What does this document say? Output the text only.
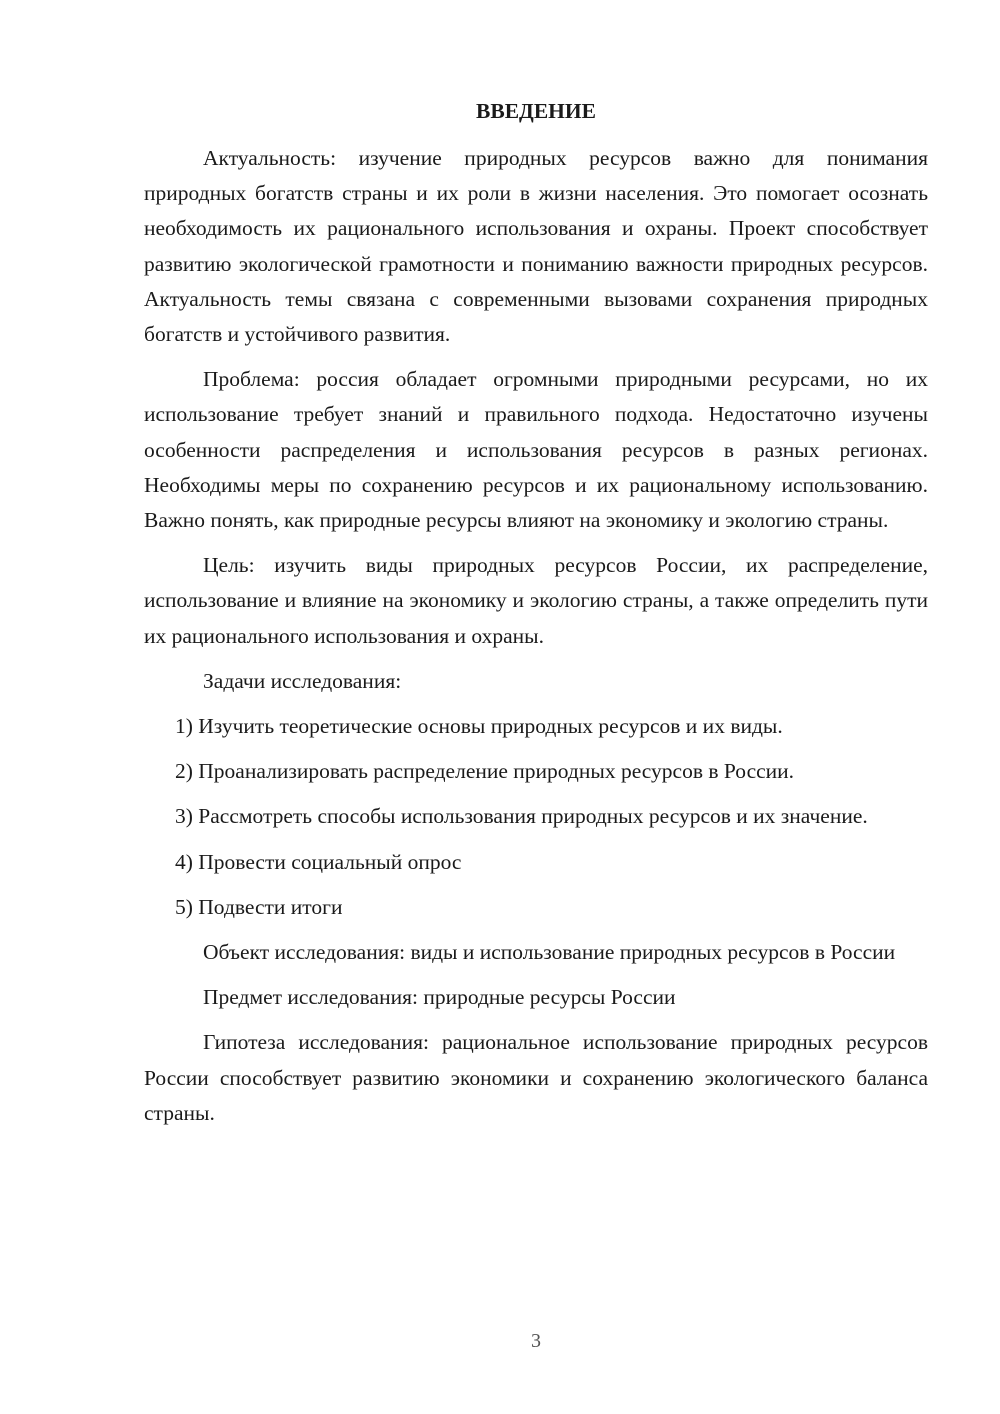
ВВЕДЕНИЕ

Актуальность: изучение природных ресурсов важно для понимания природных богатств страны и их роли в жизни населения. Это помогает осознать необходимость их рационального использования и охраны. Проект способствует развитию экологической грамотности и пониманию важности природных ресурсов. Актуальность темы связана с современными вызовами сохранения природных богатств и устойчивого развития.

Проблема: россия обладает огромными природными ресурсами, но их использование требует знаний и правильного подхода. Недостаточно изучены особенности распределения и использования ресурсов в разных регионах. Необходимы меры по сохранению ресурсов и их рациональному использованию. Важно понять, как природные ресурсы влияют на экономику и экологию страны.

Цель: изучить виды природных ресурсов России, их распределение, использование и влияние на экономику и экологию страны, а также определить пути их рационального использования и охраны.

Задачи исследования:

1) Изучить теоретические основы природных ресурсов и их виды.

2) Проанализировать распределение природных ресурсов в России.

3) Рассмотреть способы использования природных ресурсов и их значение.

4) Провести социальный опрос

5) Подвести итоги

Объект исследования: виды и использование природных ресурсов в России

Предмет исследования: природные ресурсы России

Гипотеза исследования: рациональное использование природных ресурсов России способствует развитию экономики и сохранению экологического баланса страны.

3
